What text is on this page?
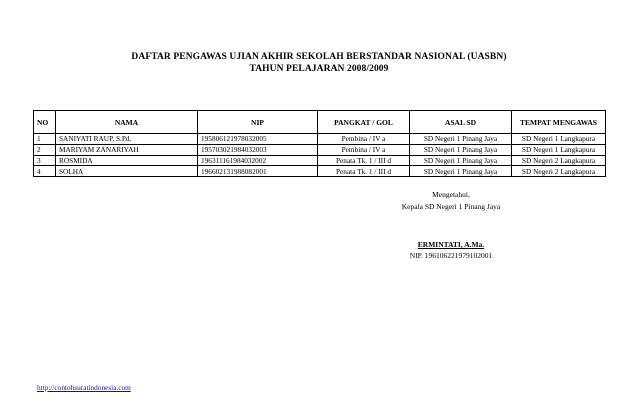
DAFTAR PENGAWAS UJIAN AKHIR SEKOLAH BERSTANDAR NASIONAL (UASBN)
TAHUN PELAJARAN 2008/2009
NO	NAMA	NIP	PANGKAT / GOL	ASAL SD	TEMPAT MENGAWAS
1	SANIYATI RAUP, S.Pd.	195806121978032005	Pembina / IV a	SD Negeri 1 Pinang Jaya	SD Negeri 1 Langkapura
2	MARIYAM ZANARIYAH	195703021984032003	Pembina / IV a	SD Negeri 1 Pinang Jaya	SD Negeri 1 Langkapura
3	ROSMIDA	196311161984032002	Penata Tk. 1 / III d	SD Negeri 1 Pinang Jaya	SD Negeri 2 Langkapura
4	SOLHA	196602131988082001	Penata Tk. 1 / III d	SD Negeri 1 Pinang Jaya	SD Negeri 2 Langkapura
Mengetahui,
Kepala SD Negeri 1 Pinang Jaya
ERMINTATI, A.Ma.
NIP. 196106221979102001
http://contohsuratindonesia.com
